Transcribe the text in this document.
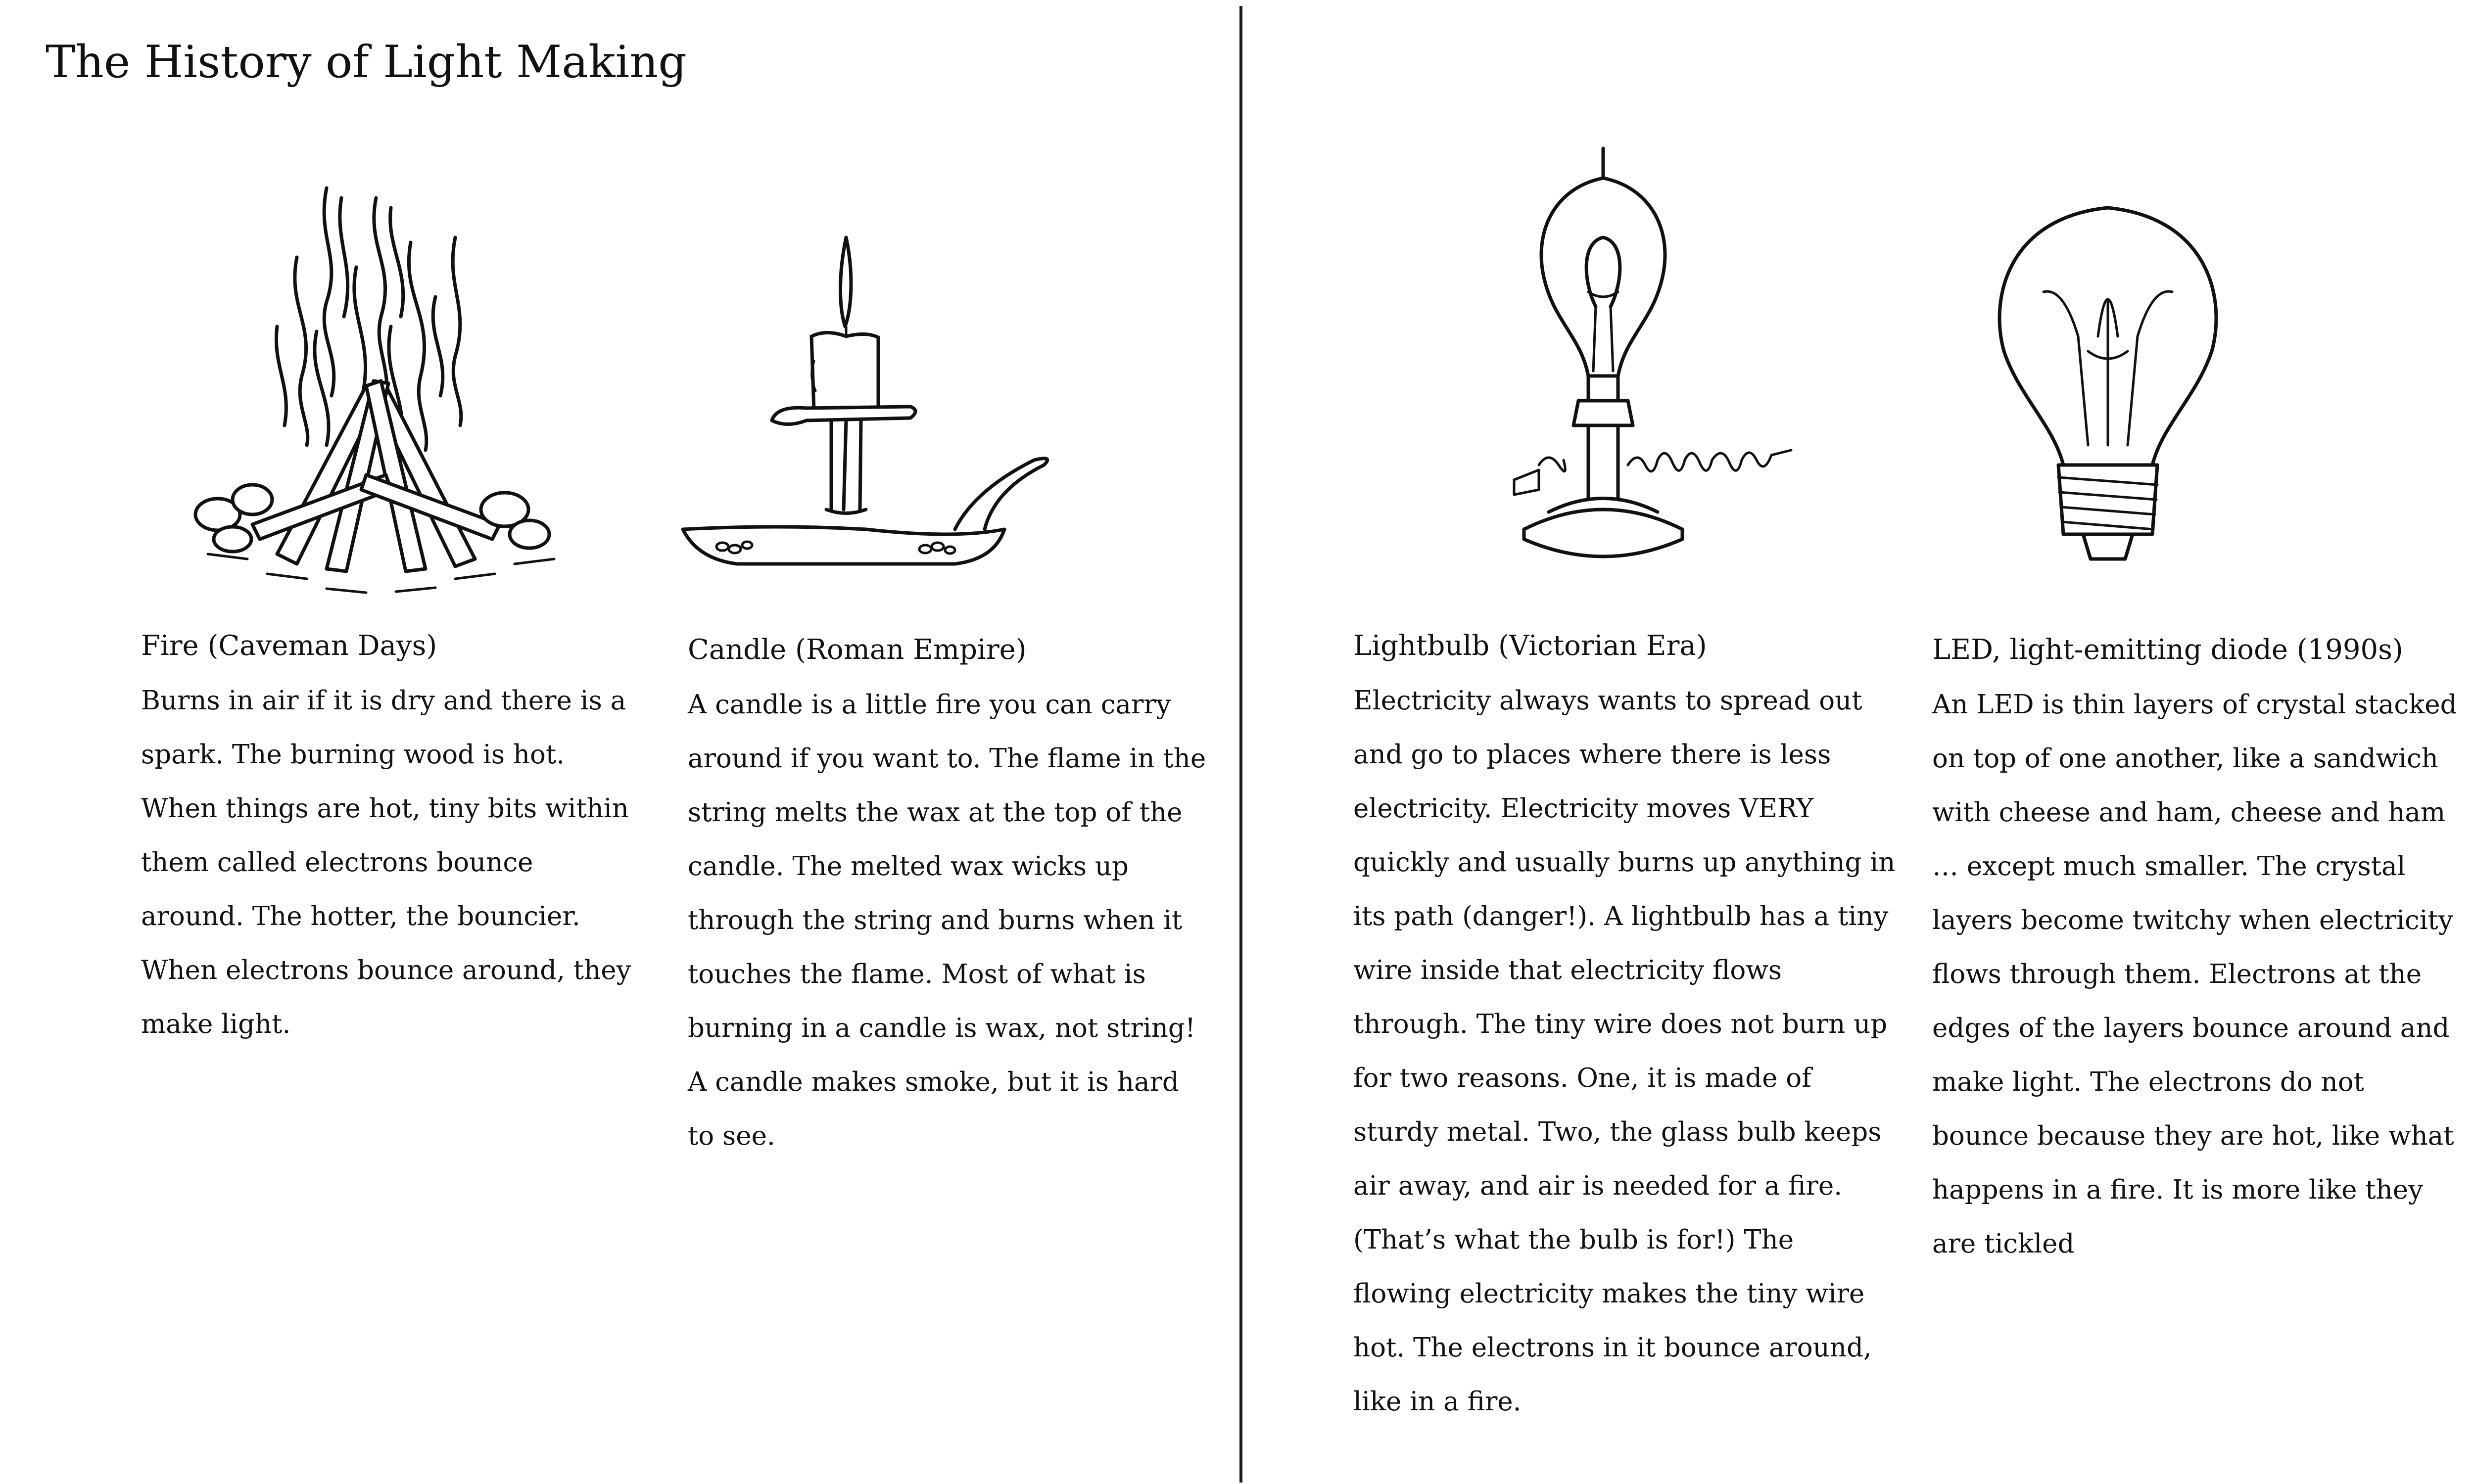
The History of Light Making
Fire (Caveman Days)

Burns in air if it is dry and there is a spark. The burning wood is hot. When things are hot, tiny bits within them called electrons bounce around. The hotter, the bouncier. When electrons bounce around, they make light.

Candle (Roman Empire)

A candle is a little fire you can carry around if you want to. The flame in the string melts the wax at the top of the candle. The melted wax wicks up through the string and burns when it touches the flame. Most of what is burning in a candle is wax, not string! A candle makes smoke, but it is hard to see.

Lightbulb (Victorian Era)

Electricity always wants to spread out and go to places where there is less electricity. Electricity moves VERY quickly and usually burns up anything in its path (danger!). A lightbulb has a tiny wire inside that electricity flows through. The tiny wire does not burn up for two reasons. One, it is made of sturdy metal. Two, the glass bulb keeps air away, and air is needed for a fire. (That’s what the bulb is for!) The flowing electricity makes the tiny wire hot. The electrons in it bounce around, like in a fire.

LED, light-emitting diode (1990s)

An LED is thin layers of crystal stacked on top of one another, like a sandwich with cheese and ham, cheese and ham … except much smaller. The crystal layers become twitchy when electricity flows through them. Electrons at the edges of the layers bounce around and make light. The electrons do not bounce because they are hot, like what happens in a fire. It is more like they are tickled
